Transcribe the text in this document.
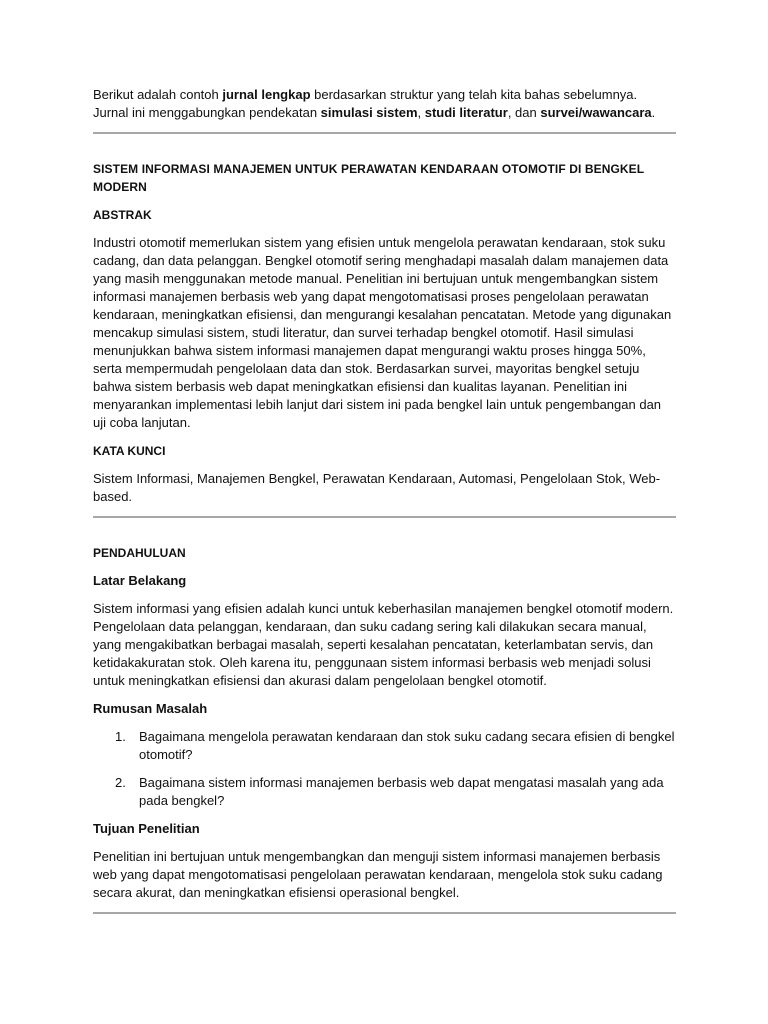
Berikut adalah contoh jurnal lengkap berdasarkan struktur yang telah kita bahas sebelumnya. Jurnal ini menggabungkan pendekatan simulasi sistem, studi literatur, dan survei/wawancara.

SISTEM INFORMASI MANAJEMEN UNTUK PERAWATAN KENDARAAN OTOMOTIF DI BENGKEL MODERN

ABSTRAK

Industri otomotif memerlukan sistem yang efisien untuk mengelola perawatan kendaraan, stok suku cadang, dan data pelanggan. Bengkel otomotif sering menghadapi masalah dalam manajemen data yang masih menggunakan metode manual. Penelitian ini bertujuan untuk mengembangkan sistem informasi manajemen berbasis web yang dapat mengotomatisasi proses pengelolaan perawatan kendaraan, meningkatkan efisiensi, dan mengurangi kesalahan pencatatan. Metode yang digunakan mencakup simulasi sistem, studi literatur, dan survei terhadap bengkel otomotif. Hasil simulasi menunjukkan bahwa sistem informasi manajemen dapat mengurangi waktu proses hingga 50%, serta mempermudah pengelolaan data dan stok. Berdasarkan survei, mayoritas bengkel setuju bahwa sistem berbasis web dapat meningkatkan efisiensi dan kualitas layanan. Penelitian ini menyarankan implementasi lebih lanjut dari sistem ini pada bengkel lain untuk pengembangan dan uji coba lanjutan.

KATA KUNCI

Sistem Informasi, Manajemen Bengkel, Perawatan Kendaraan, Automasi, Pengelolaan Stok, Web-based.

PENDAHULUAN

Latar Belakang

Sistem informasi yang efisien adalah kunci untuk keberhasilan manajemen bengkel otomotif modern. Pengelolaan data pelanggan, kendaraan, dan suku cadang sering kali dilakukan secara manual, yang mengakibatkan berbagai masalah, seperti kesalahan pencatatan, keterlambatan servis, dan ketidakakuratan stok. Oleh karena itu, penggunaan sistem informasi berbasis web menjadi solusi untuk meningkatkan efisiensi dan akurasi dalam pengelolaan bengkel otomotif.

Rumusan Masalah

1. Bagaimana mengelola perawatan kendaraan dan stok suku cadang secara efisien di bengkel otomotif?
2. Bagaimana sistem informasi manajemen berbasis web dapat mengatasi masalah yang ada pada bengkel?

Tujuan Penelitian

Penelitian ini bertujuan untuk mengembangkan dan menguji sistem informasi manajemen berbasis web yang dapat mengotomatisasi pengelolaan perawatan kendaraan, mengelola stok suku cadang secara akurat, dan meningkatkan efisiensi operasional bengkel.
